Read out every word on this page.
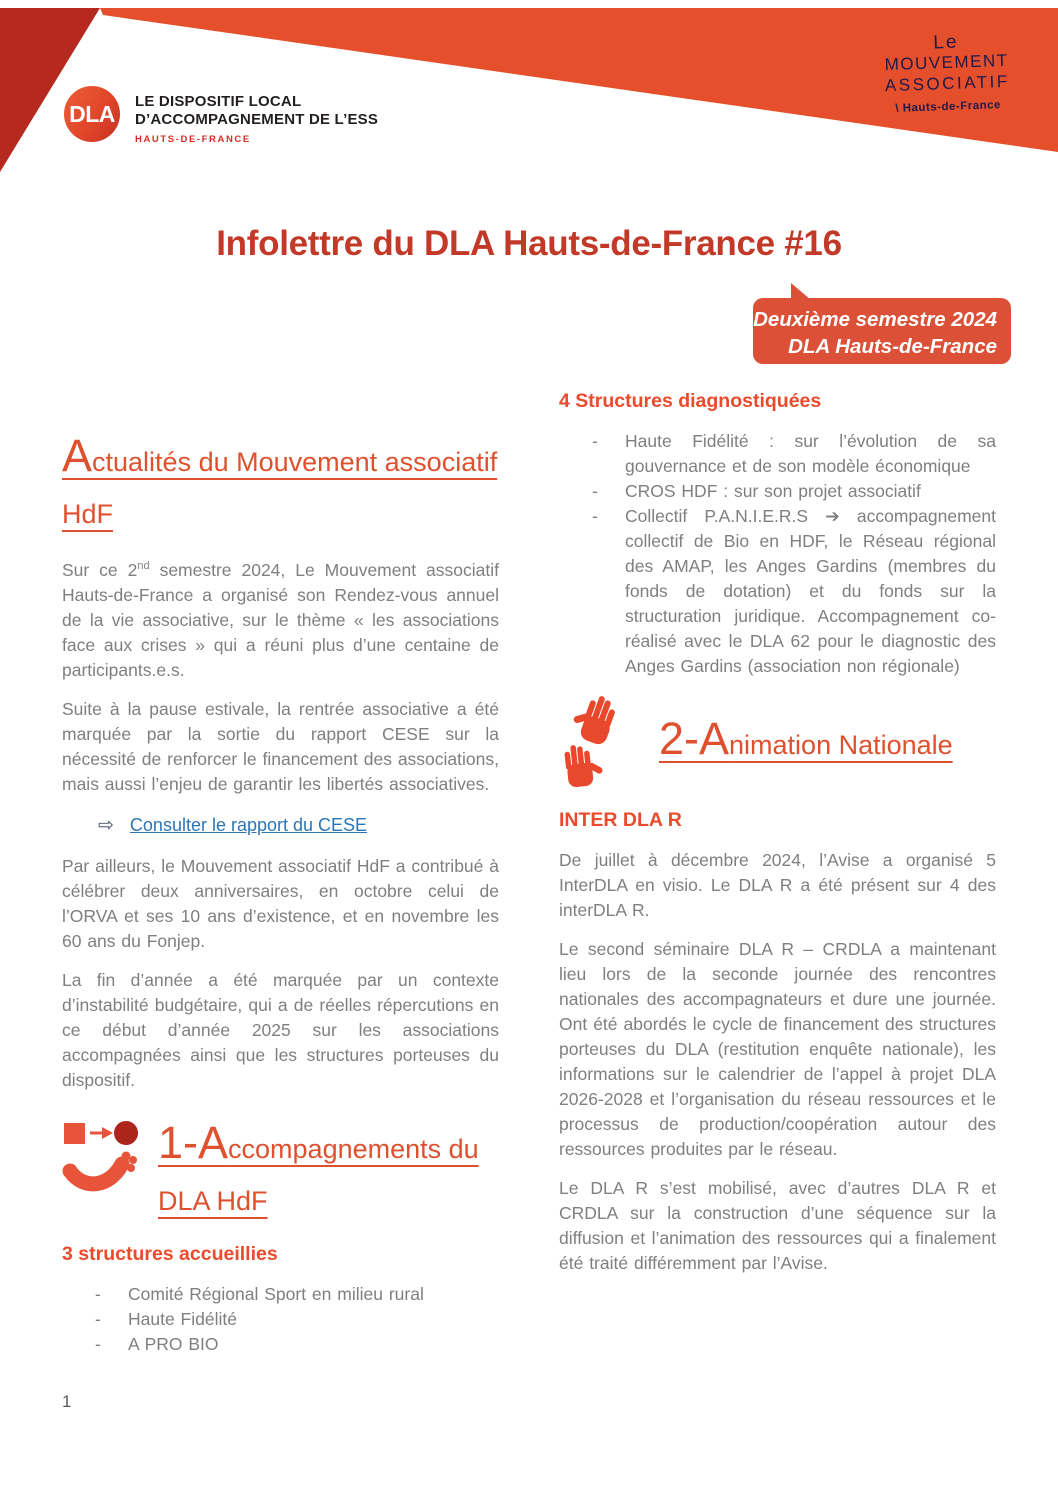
DLA	LE DISPOSITIF LOCAL
D’ACCOMPAGNEMENT DE L’ESS
HAUTS-DE-FRANCE
Le
MOUVEMENT
ASSOCIATIF
\ Hauts-de-France
Infolettre du DLA Hauts-de-France #16
Deuxième semestre 2024
DLA Hauts-de-France
Actualités du Mouvement associatif
HdF

Sur ce 2nd semestre 2024, Le Mouvement associatif Hauts-de-France a organisé son Rendez-vous annuel de la vie associative, sur le thème « les associations face aux crises » qui a réuni plus d’une centaine de participants.e.s.

Suite à la pause estivale, la rentrée associative a été marquée par la sortie du rapport CESE sur la nécessité de renforcer le financement des associations, mais aussi l’enjeu de garantir les libertés associatives.

⇨ Consulter le rapport du CESE

Par ailleurs, le Mouvement associatif HdF a contribué à célébrer deux anniversaires, en octobre celui de l’ORVA et ses 10 ans d’existence, et en novembre les 60 ans du Fonjep.

La fin d’année a été marquée par un contexte d’instabilité budgétaire, qui a de réelles répercutions en ce début d’année 2025 sur les associations accompagnées ainsi que les structures porteuses du dispositif.

1-Accompagnements du
DLA HdF
3 structures accueillies
-	Comité Régional Sport en milieu rural
-	Haute Fidélité
-	A PRO BIO
4 Structures diagnostiquées
-	Haute Fidélité : sur l’évolution de sa gouvernance et de son modèle économique
-	CROS HDF : sur son projet associatif
-	Collectif P.A.N.I.E.R.S ➔ accompagnement collectif de Bio en HDF, le Réseau régional des AMAP, les Anges Gardins (membres du fonds de dotation) et du fonds sur la structuration juridique. Accompagnement co-réalisé avec le DLA 62 pour le diagnostic des Anges Gardins (association non régionale)
2-Animation Nationale
INTER DLA R

De juillet à décembre 2024, l’Avise a organisé 5 InterDLA en visio. Le DLA R a été présent sur 4 des interDLA R.

Le second séminaire DLA R – CRDLA a maintenant lieu lors de la seconde journée des rencontres nationales des accompagnateurs et dure une journée. Ont été abordés le cycle de financement des structures porteuses du DLA (restitution enquête nationale), les informations sur le calendrier de l’appel à projet DLA 2026-2028 et l’organisation du réseau ressources et le processus de production/coopération autour des ressources produites par le réseau.

Le DLA R s’est mobilisé, avec d’autres DLA R et CRDLA sur la construction d’une séquence sur la diffusion et l’animation des ressources qui a finalement été traité différemment par l’Avise.

1
